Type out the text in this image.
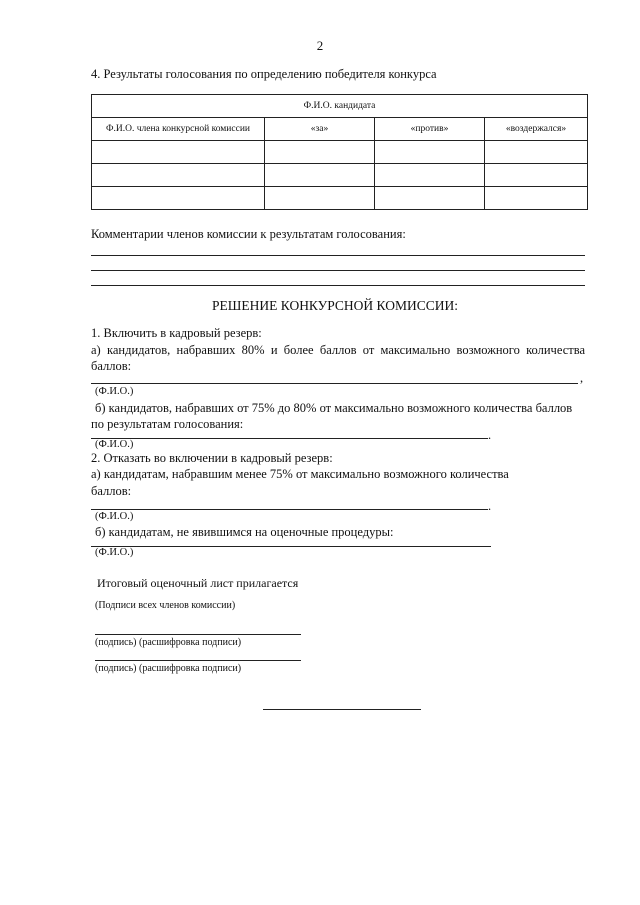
2
4. Результаты голосования по определению победителя конкурса
Ф.И.О. кандидата			
Ф.И.О. члена конкурсной комиссии	«за»	«против»	«воздержался»

Комментарии членов комиссии к результатам голосования:
РЕШЕНИЕ КОНКУРСНОЙ КОМИССИИ:
1. Включить в кадровый резерв:
а) кандидатов, набравших 80% и более баллов от максимально возможного количества
баллов:
,
(Ф.И.О.)
б) кандидатов, набравших от 75% до 80% от максимально возможного количества баллов
по результатам голосования:
.
(Ф.И.О.)
2. Отказать во включении в кадровый резерв:
а) кандидатам, набравшим менее 75% от максимально возможного количества
баллов:
.
(Ф.И.О.)
б) кандидатам, не явившимся на оценочные процедуры:
(Ф.И.О.)
Итоговый оценочный лист прилагается
(Подписи всех членов комиссии)
(подпись) (расшифровка подписи)
(подпись) (расшифровка подписи)
